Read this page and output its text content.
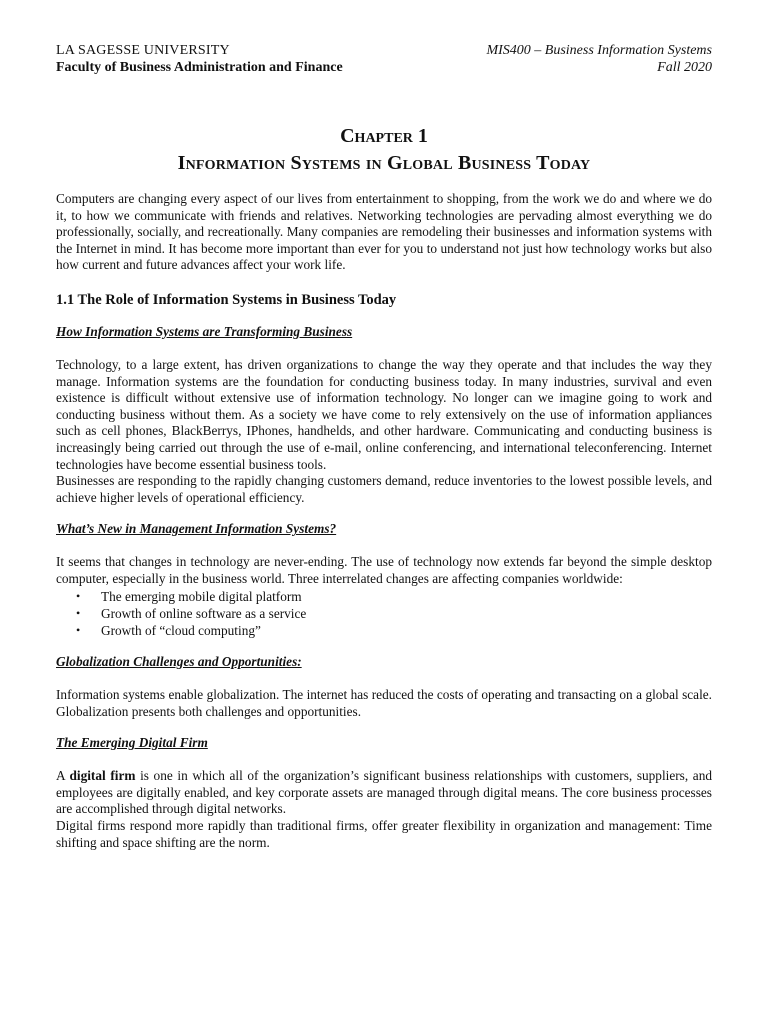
LA SAGESSE UNIVERSITY
Faculty of Business Administration and Finance
MIS400 – Business Information Systems
Fall 2020
Chapter 1
Information Systems in Global Business Today

Computers are changing every aspect of our lives from entertainment to shopping, from the work we do and where we do it, to how we communicate with friends and relatives. Networking technologies are pervading almost everything we do professionally, socially, and recreationally. Many companies are remodeling their businesses and information systems with the Internet in mind. It has become more important than ever for you to understand not just how technology works but also how current and future advances affect your work life.

1.1 The Role of Information Systems in Business Today
How Information Systems are Transforming Business

Technology, to a large extent, has driven organizations to change the way they operate and that includes the way they manage. Information systems are the foundation for conducting business today. In many industries, survival and even existence is difficult without extensive use of information technology. No longer can we imagine going to work and conducting business without them. As a society we have come to rely extensively on the use of information appliances such as cell phones, BlackBerrys, IPhones, handhelds, and other hardware. Communicating and conducting business is increasingly being carried out through the use of e-mail, online conferencing, and international teleconferencing. Internet technologies have become essential business tools.

Businesses are responding to the rapidly changing customers demand, reduce inventories to the lowest possible levels, and achieve higher levels of operational efficiency.

What’s New in Management Information Systems?

It seems that changes in technology are never-ending. The use of technology now extends far beyond the simple desktop computer, especially in the business world. Three interrelated changes are affecting companies worldwide:

• The emerging mobile digital platform
• Growth of online software as a service
• Growth of “cloud computing”
Globalization Challenges and Opportunities:

Information systems enable globalization. The internet has reduced the costs of operating and transacting on a global scale. Globalization presents both challenges and opportunities.

The Emerging Digital Firm

A digital firm is one in which all of the organization’s significant business relationships with customers, suppliers, and employees are digitally enabled, and key corporate assets are managed through digital means. The core business processes are accomplished through digital networks.

Digital firms respond more rapidly than traditional firms, offer greater flexibility in organization and management: Time shifting and space shifting are the norm.
